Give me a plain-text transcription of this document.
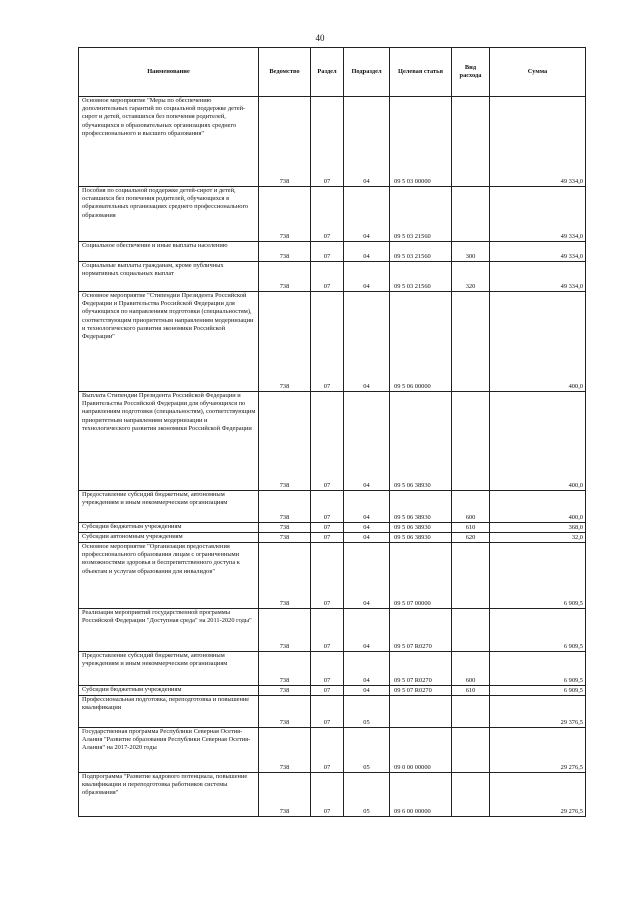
40
Наименование	Ведомство	Раздел	Подраздел	Целевая статья	Вид расхода	Сумма
Основное мероприятие "Меры по обеспечению дополнительных гарантий по социальной поддержке детей-сирот и детей, оставшихся без попечения родителей, обучающихся в образовательных организациях среднего профессионального и высшего образования"	738	07	04	09 5 03 00000		49 334,0
Пособия по социальной поддержке детей-сирот и детей, оставшихся без попечения родителей, обучающихся в образовательных организациях среднего профессионального образования	738	07	04	09 5 03 21560		49 334,0
Социальное обеспечение и иные выплаты населению	738	07	04	09 5 03 21560	300	49 334,0
Социальные выплаты гражданам, кроме публичных нормативных социальных выплат	738	07	04	09 5 03 21560	320	49 334,0
Основное мероприятие "Стипендии Президента Российской Федерации и Правительства Российской Федерации для обучающихся по направлениям подготовки (специальностям), соответствующим приоритетным направлениям модернизации и технологического развития экономики Российской Федерации"	738	07	04	09 5 06 00000		400,0
Выплата Стипендии Президента Российской Федерации и Правительства Российской Федерации для обучающихся по направлениям подготовки (специальностям), соответствующим приоритетным направлениям модернизации и технологического развития экономики Российской Федерации	738	07	04	09 5 06 38930		400,0
Предоставление субсидий бюджетным, автономным учреждениям и иным некоммерческим организациям	738	07	04	09 5 06 38930	600	400,0
Субсидии бюджетным учреждениям	738	07	04	09 5 06 38930	610	368,0
Субсидии автономным учреждениям	738	07	04	09 5 06 38930	620	32,0
Основное мероприятие "Организация предоставления профессионального образования лицам с ограниченными возможностями здоровья и беспрепятственного доступа к объектам и услугам образования для инвалидов"	738	07	04	09 5 07 00000		6 909,5
Реализация мероприятий государственной программы Российской Федерации "Доступная среда" на 2011-2020 годы"	738	07	04	09 5 07 R0270		6 909,5
Предоставление субсидий бюджетным, автономным учреждениям и иным некоммерческим организациям	738	07	04	09 5 07 R0270	600	6 909,5
Субсидии бюджетным учреждениям	738	07	04	09 5 07 R0270	610	6 909,5
Профессиональная подготовка, переподготовка и повышение квалификации	738	07	05			29 376,5
Государственная программа Республики Северная Осетия-Алания "Развитие образования Республики Северная Осетия-Алания" на 2017-2020 годы	738	07	05	09 0 00 00000		29 276,5
Подпрограмма "Развитие кадрового потенциала, повышение квалификации и переподготовка работников системы образования"	738	07	05	09 6 00 00000		29 276,5
